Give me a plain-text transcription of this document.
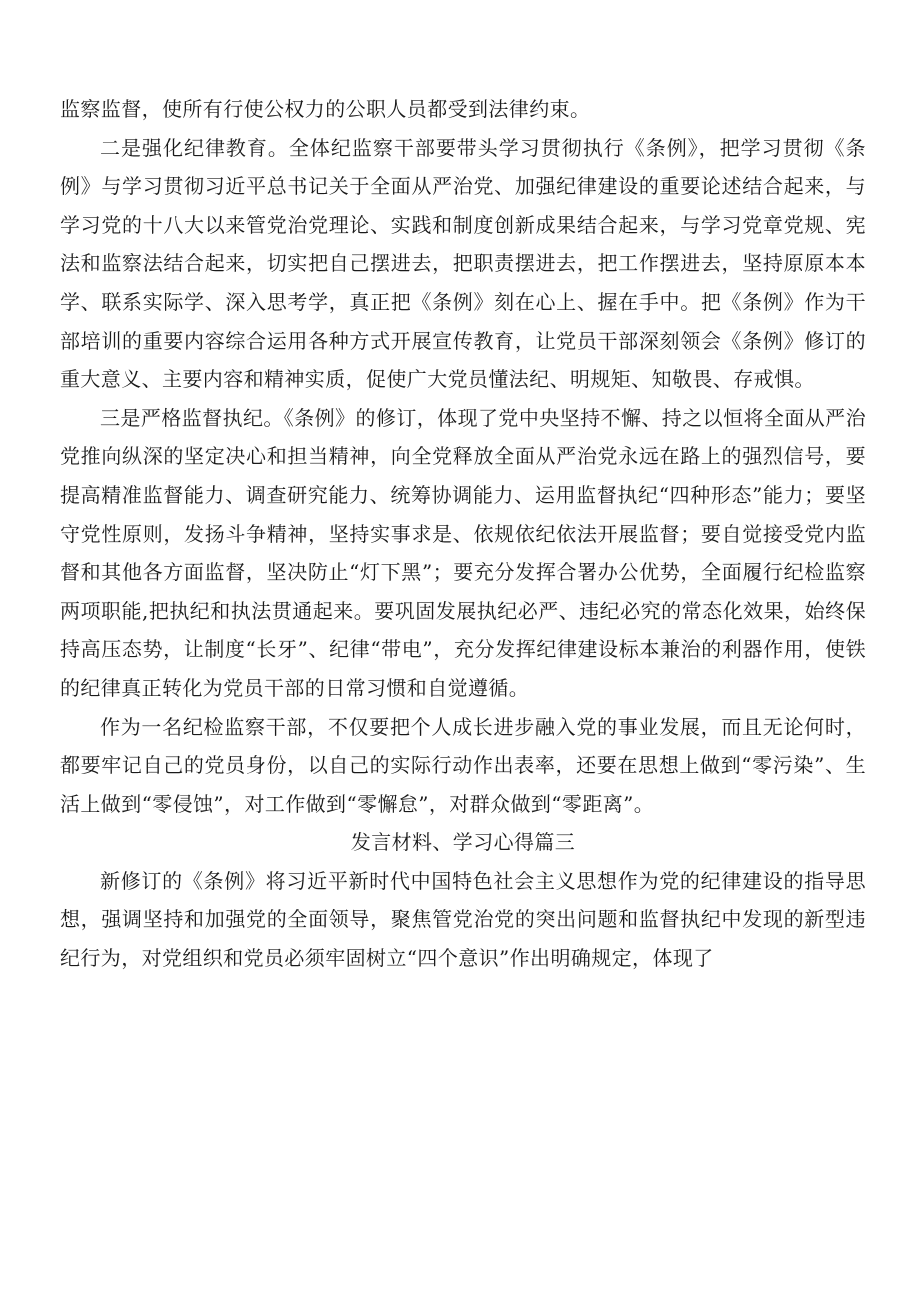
监察监督，使所有行使公权力的公职人员都受到法律约束。

二是强化纪律教育。全体纪监察干部要带头学习贯彻执行《条例》，把学习贯彻《条例》与学习贯彻习近平总书记关于全面从严治党、加强纪律建设的重要论述结合起来，与学习党的十八大以来管党治党理论、实践和制度创新成果结合起来，与学习党章党规、宪法和监察法结合起来，切实把自己摆进去，把职责摆进去，把工作摆进去，坚持原原本本学、联系实际学、深入思考学，真正把《条例》刻在心上、握在手中。把《条例》作为干部培训的重要内容综合运用各种方式开展宣传教育，让党员干部深刻领会《条例》修订的重大意义、主要内容和精神实质，促使广大党员懂法纪、明规矩、知敬畏、存戒惧。

三是严格监督执纪。《条例》的修订，体现了党中央坚持不懈、持之以恒将全面从严治党推向纵深的坚定决心和担当精神，向全党释放全面从严治党永远在路上的强烈信号，要提高精准监督能力、调查研究能力、统筹协调能力、运用监督执纪“四种形态”能力；要坚守党性原则，发扬斗争精神，坚持实事求是、依规依纪依法开展监督；要自觉接受党内监督和其他各方面监督，坚决防止“灯下黑”；要充分发挥合署办公优势，全面履行纪检监察两项职能,把执纪和执法贯通起来。要巩固发展执纪必严、违纪必究的常态化效果，始终保持高压态势，让制度“长牙”、纪律“带电”，充分发挥纪律建设标本兼治的利器作用，使铁的纪律真正转化为党员干部的日常习惯和自觉遵循。

作为一名纪检监察干部，不仅要把个人成长进步融入党的事业发展，而且无论何时，都要牢记自己的党员身份，以自己的实际行动作出表率，还要在思想上做到“零污染”、生活上做到“零侵蚀”，对工作做到“零懈怠”，对群众做到“零距离”。

发言材料、学习心得篇三

新修订的《条例》将习近平新时代中国特色社会主义思想作为党的纪律建设的指导思想，强调坚持和加强党的全面领导，聚焦管党治党的突出问题和监督执纪中发现的新型违纪行为，对党组织和党员必须牢固树立“四个意识”作出明确规定，体现了
